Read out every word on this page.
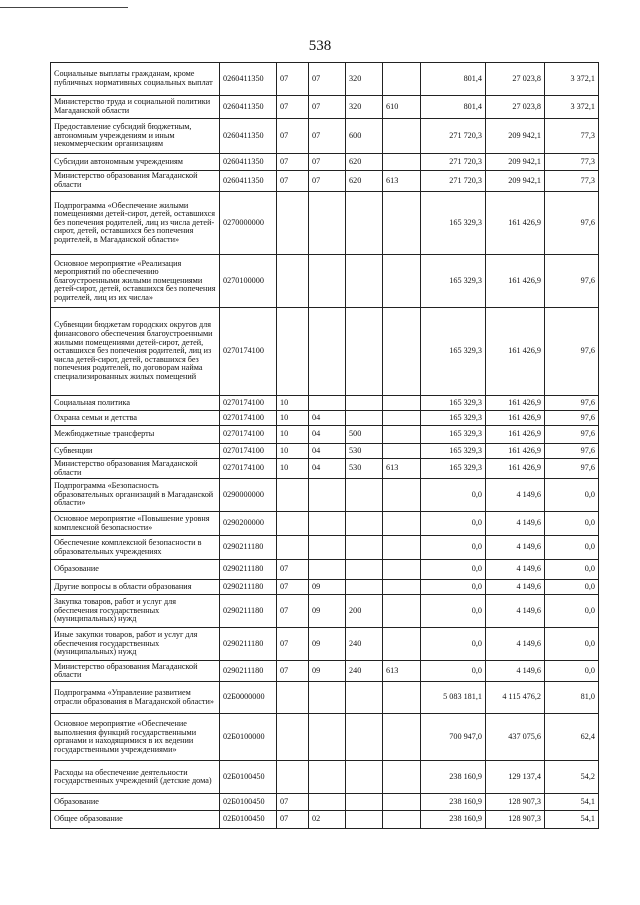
538
Социальные выплаты гражданам, кроме публичных нормативных социальных выплат	0260411350	07	07	320		801,4	27 023,8	3 372,1
Министерство труда и социальной политики Магаданской области	0260411350	07	07	320	610	801,4	27 023,8	3 372,1
Предоставление субсидий бюджетным, автономным учреждениям и иным некоммерческим организациям	0260411350	07	07	600		271 720,3	209 942,1	77,3
Субсидии автономным учреждениям	0260411350	07	07	620		271 720,3	209 942,1	77,3
Министерство образования Магаданской области	0260411350	07	07	620	613	271 720,3	209 942,1	77,3
Подпрограмма «Обеспечение жилыми помещениями детей-сирот, детей, оставшихся без попечения родителей, лиц из числа детей-сирот, детей, оставшихся без попечения родителей, в Магаданской области»	0270000000					165 329,3	161 426,9	97,6
Основное мероприятие «Реализация мероприятий по обеспечению благоустроенными жилыми помещениями детей-сирот, детей, оставшихся без попечения родителей, лиц из их числа»	0270100000					165 329,3	161 426,9	97,6
Субвенции бюджетам городских округов для финансового обеспечения благоустроенными жилыми помещениями детей-сирот, детей, оставшихся без попечения родителей, лиц из числа детей-сирот, детей, оставшихся без попечения родителей, по договорам найма специализированных жилых помещений	0270174100					165 329,3	161 426,9	97,6
Социальная политика	0270174100	10				165 329,3	161 426,9	97,6
Охрана семьи и детства	0270174100	10	04			165 329,3	161 426,9	97,6
Межбюджетные трансферты	0270174100	10	04	500		165 329,3	161 426,9	97,6
Субвенции	0270174100	10	04	530		165 329,3	161 426,9	97,6
Министерство образования Магаданской области	0270174100	10	04	530	613	165 329,3	161 426,9	97,6
Подпрограмма «Безопасность образовательных организаций в Магаданской области»	0290000000					0,0	4 149,6	0,0
Основное мероприятие «Повышение уровня комплексной безопасности»	0290200000					0,0	4 149,6	0,0
Обеспечение комплексной безопасности в образовательных учреждениях	0290211180					0,0	4 149,6	0,0
Образование	0290211180	07				0,0	4 149,6	0,0
Другие вопросы в области образования	0290211180	07	09			0,0	4 149,6	0,0
Закупка товаров, работ и услуг для обеспечения государственных (муниципальных) нужд	0290211180	07	09	200		0,0	4 149,6	0,0
Иные закупки товаров, работ и услуг для обеспечения государственных (муниципальных) нужд	0290211180	07	09	240		0,0	4 149,6	0,0
Министерство образования Магаданской области	0290211180	07	09	240	613	0,0	4 149,6	0,0
Подпрограмма «Управление развитием отрасли образования в Магаданской области»	02Б0000000					5 083 181,1	4 115 476,2	81,0
Основное мероприятие «Обеспечение выполнения функций государственными органами и находящимися в их ведении государственными учреждениями»	02Б0100000					700 947,0	437 075,6	62,4
Расходы на обеспечение деятельности государственных учреждений (детские дома)	02Б0100450					238 160,9	129 137,4	54,2
Образование	02Б0100450	07				238 160,9	128 907,3	54,1
Общее образование	02Б0100450	07	02			238 160,9	128 907,3	54,1
